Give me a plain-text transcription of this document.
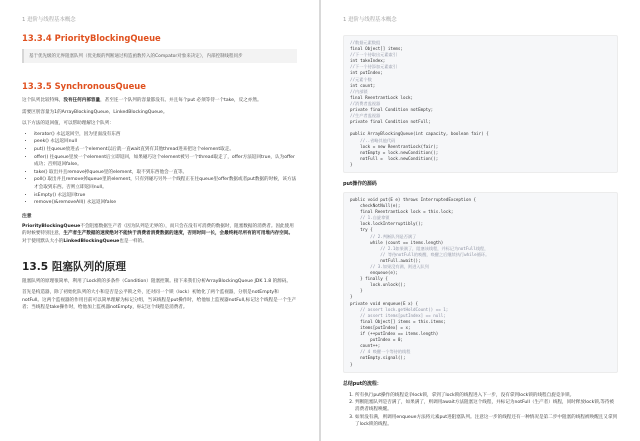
1 进阶与线程基本概念
13.3.4 PriorityBlockingQueue
基于优先级的无界阻塞队列（优先级的判断通过构造函数传入的Compator对象来决定），内部控制线程同步
13.3.5 SynchronousQueue

这个队列比较特殊，没有任何内部容量，甚至连一个队列的容量都没有。并且每个put 必须等待一个take，反之亦然。

需要区别容量为1的ArrayBlockingQueue、LinkedBlockingQueue。

以下方法的返回值，可以帮助理解这个队列：

• iterator() 永远返回空，因为里面没有东西
• peek() 永远返回null
• put() 往queue放进去一个element以后就一直wait直到有其他thread进来把这个element取走。
• offer() 往queue里放一个element后立即返回，如果碰巧这个element被另一个thread取走了，offer方法返回true，认为offer成功；否则返回false。
• take() 取出并且remove掉queue里的element，取不到东西他会一直等。
• poll() 取出并且remove掉queue里的element，只有到碰巧另外一个线程正在往queue里offer数据或者put数据的时候，该方法才会取到东西。否则立即返回null。
• isEmpty() 永远返回true
• remove()&removeAll() 永远返回false
注意

PriorityBlockingQueue不会阻塞数据生产者（因为队列是无界的），而只会在没有可消费的数据时，阻塞数据的消费者。因此使用的时候要特别注意，生产者生产数据的速度绝对不能快于消费者消费数据的速度，否则时间一长，会最终耗尽所有的可用堆内存空间。对于使用默认大小的LinkedBlockingQueue也是一样的。

13.5 阻塞队列的原理

阻塞队列的原理很简单，利用了Lock锁的多条件（Condition）阻塞控制。接下来我们分析ArrayBlockingQueue JDK 1.8 的源码。

首先是构造器，除了初始化队列的大小和是否是公平锁之外，还对同一个锁（lock）初始化了两个监视器，分别是notEmpty和notFull。这两个监视器的作用目前可以简单理解为标记分组，当该线程是put操作时，给他加上监视器notFull,标记这个线程是一个生产者；当线程是take操作时，给他加上监视器notEmpty，标记这个线程是消费者。

1 进阶与线程基本概念
//数据元素数组
final Object[] items;
//下一个待取出元素索引
int takeIndex;
//下一个待添加元素索引
int putIndex;
//元素个数
int count;
//内部锁
final ReentrantLock lock;
//消费者监视器
private final Condition notEmpty;
//生产者监视器
private final Condition notFull;

public ArrayBlockingQueue(int capacity, boolean fair) {
//..省略其他代码
lock = new ReentrantLock(fair);
notEmpty = lock.newCondition();
notFull =  lock.newCondition();
}
put操作的源码
public void put(E e) throws InterruptedException {
checkNotNull(e);
final ReentrantLock lock = this.lock;
// 1.自旋拿锁
lock.lockInterruptibly();
try {
// 2.判断队列是否满了
while (count == items.length)
// 2.1如果满了，阻塞该线程，并标记为notFull线程，
// 等待notFull的唤醒，唤醒之后继续执行while循环。
notFull.await();
// 3.如果没有满，则进入队列
enqueue(e);
} finally {
lock.unlock();
}
}
private void enqueue(E x) {
// assert lock.getHoldCount() == 1;
// assert items[putIndex] == null;
final Object[] items = this.items;
items[putIndex] = x;
if (++putIndex == items.length)
putIndex = 0;
count++;
// 4 唤醒一个等待的线程
notEmpty.signal();
}
总结put的流程：
1. 所有执行put操作的线程竞争lock锁，拿到了lock锁的线程进入下一步，没有拿到lock锁的线程自旋竞争锁。
2. 判断阻塞队列是否满了，如果满了，则调用await方法阻塞这个线程，并标记为notFull（生产者）线程，同时释放lock锁,等待被消费者线程唤醒。
3. 如果没有满，则调用enqueue方法将元素put进阻塞队列。注意这一步的线程还有一种情况是第二步中阻塞的线程被唤醒且又拿到了lock锁的线程。
